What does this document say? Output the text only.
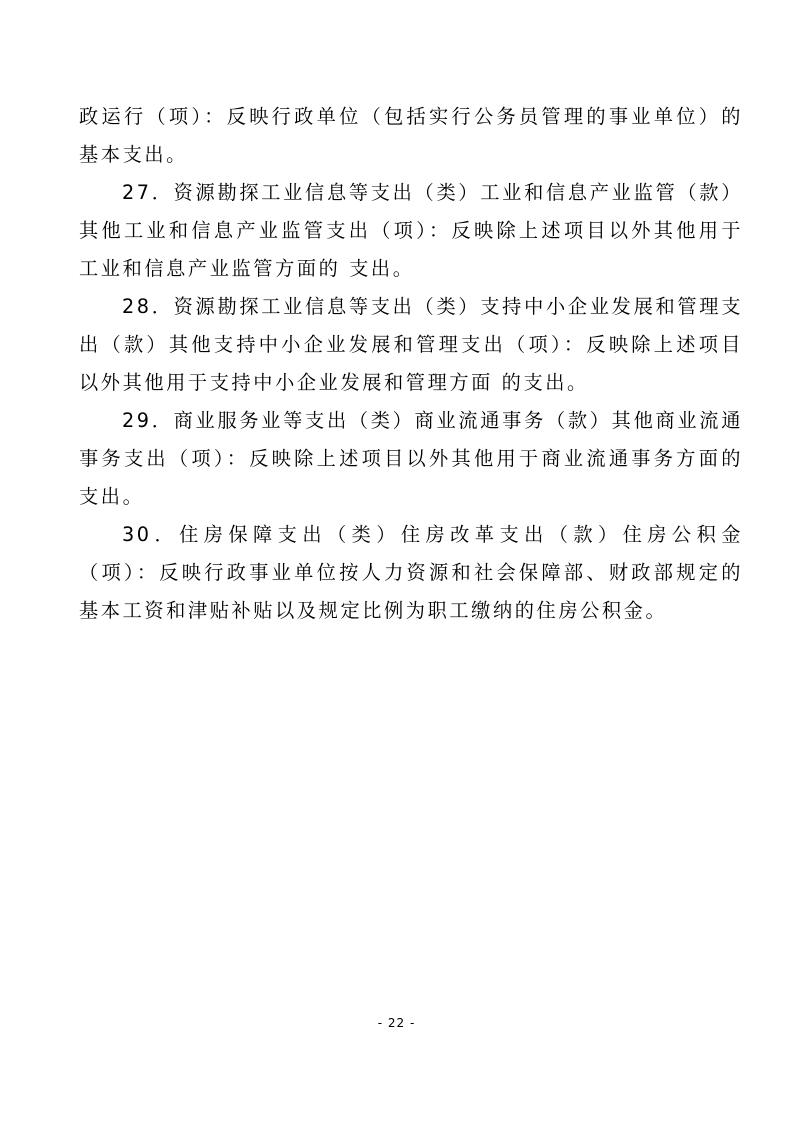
政运行（项）：反映行政单位（包括实行公务员管理的事业单位）的基本支出。

27．资源勘探工业信息等支出（类）工业和信息产业监管（款）其他工业和信息产业监管支出（项）：反映除上述项目以外其他用于工业和信息产业监管方面的 支出。

28．资源勘探工业信息等支出（类）支持中小企业发展和管理支出（款）其他支持中小企业发展和管理支出（项）：反映除上述项目以外其他用于支持中小企业发展和管理方面 的支出。

29．商业服务业等支出（类）商业流通事务（款）其他商业流通事务支出（项）：反映除上述项目以外其他用于商业流通事务方面的支出。

30．住房保障支出（类）住房改革支出（款）住房公积金（项）：反映行政事业单位按人力资源和社会保障部、财政部规定的 基本工资和津贴补贴以及规定比例为职工缴纳的住房公积金。

- 22 -
